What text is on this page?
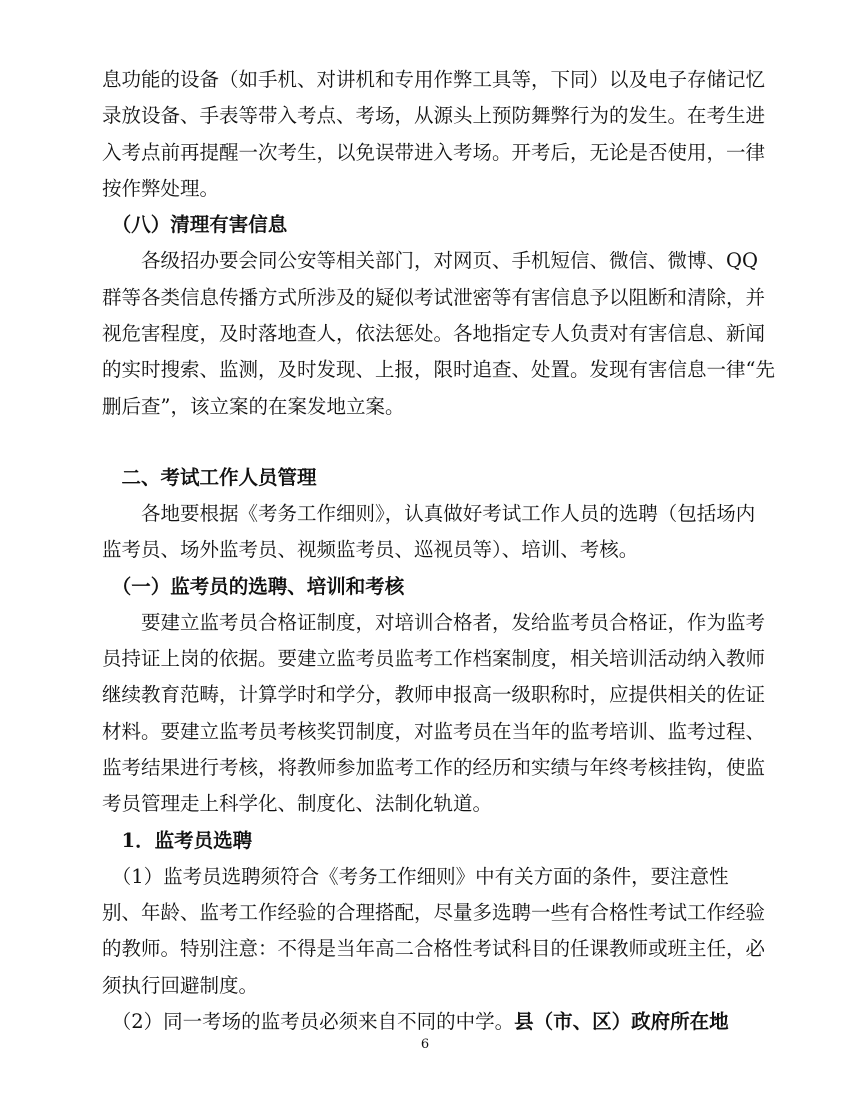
息功能的设备（如手机、对讲机和专用作弊工具等，下同）以及电子存储记忆
录放设备、手表等带入考点、考场，从源头上预防舞弊行为的发生。在考生进
入考点前再提醒一次考生，以免误带进入考场。开考后，无论是否使用，一律
按作弊处理。
　（八）清理有害信息
　　各级招办要会同公安等相关部门，对网页、手机短信、微信、微博、QQ
群等各类信息传播方式所涉及的疑似考试泄密等有害信息予以阻断和清除，并
视危害程度，及时落地查人，依法惩处。各地指定专人负责对有害信息、新闻
的实时搜索、监测，及时发现、上报，限时追查、处置。发现有害信息一律“先
删后查”，该立案的在案发地立案。
　二、考试工作人员管理
　　各地要根据《考务工作细则》，认真做好考试工作人员的选聘（包括场内
监考员、场外监考员、视频监考员、巡视员等）、培训、考核。
　（一）监考员的选聘、培训和考核
　　要建立监考员合格证制度，对培训合格者，发给监考员合格证，作为监考
员持证上岗的依据。要建立监考员监考工作档案制度，相关培训活动纳入教师
继续教育范畴，计算学时和学分，教师申报高一级职称时，应提供相关的佐证
材料。要建立监考员考核奖罚制度，对监考员在当年的监考培训、监考过程、
监考结果进行考核，将教师参加监考工作的经历和实绩与年终考核挂钩，使监
考员管理走上科学化、制度化、法制化轨道。
　1．监考员选聘
　（1）监考员选聘须符合《考务工作细则》中有关方面的条件，要注意性
别、年龄、监考工作经验的合理搭配，尽量多选聘一些有合格性考试工作经验
的教师。特别注意：不得是当年高二合格性考试科目的任课教师或班主任，必
须执行回避制度。
　（2）同一考场的监考员必须来自不同的中学。县（市、区）政府所在地
6
